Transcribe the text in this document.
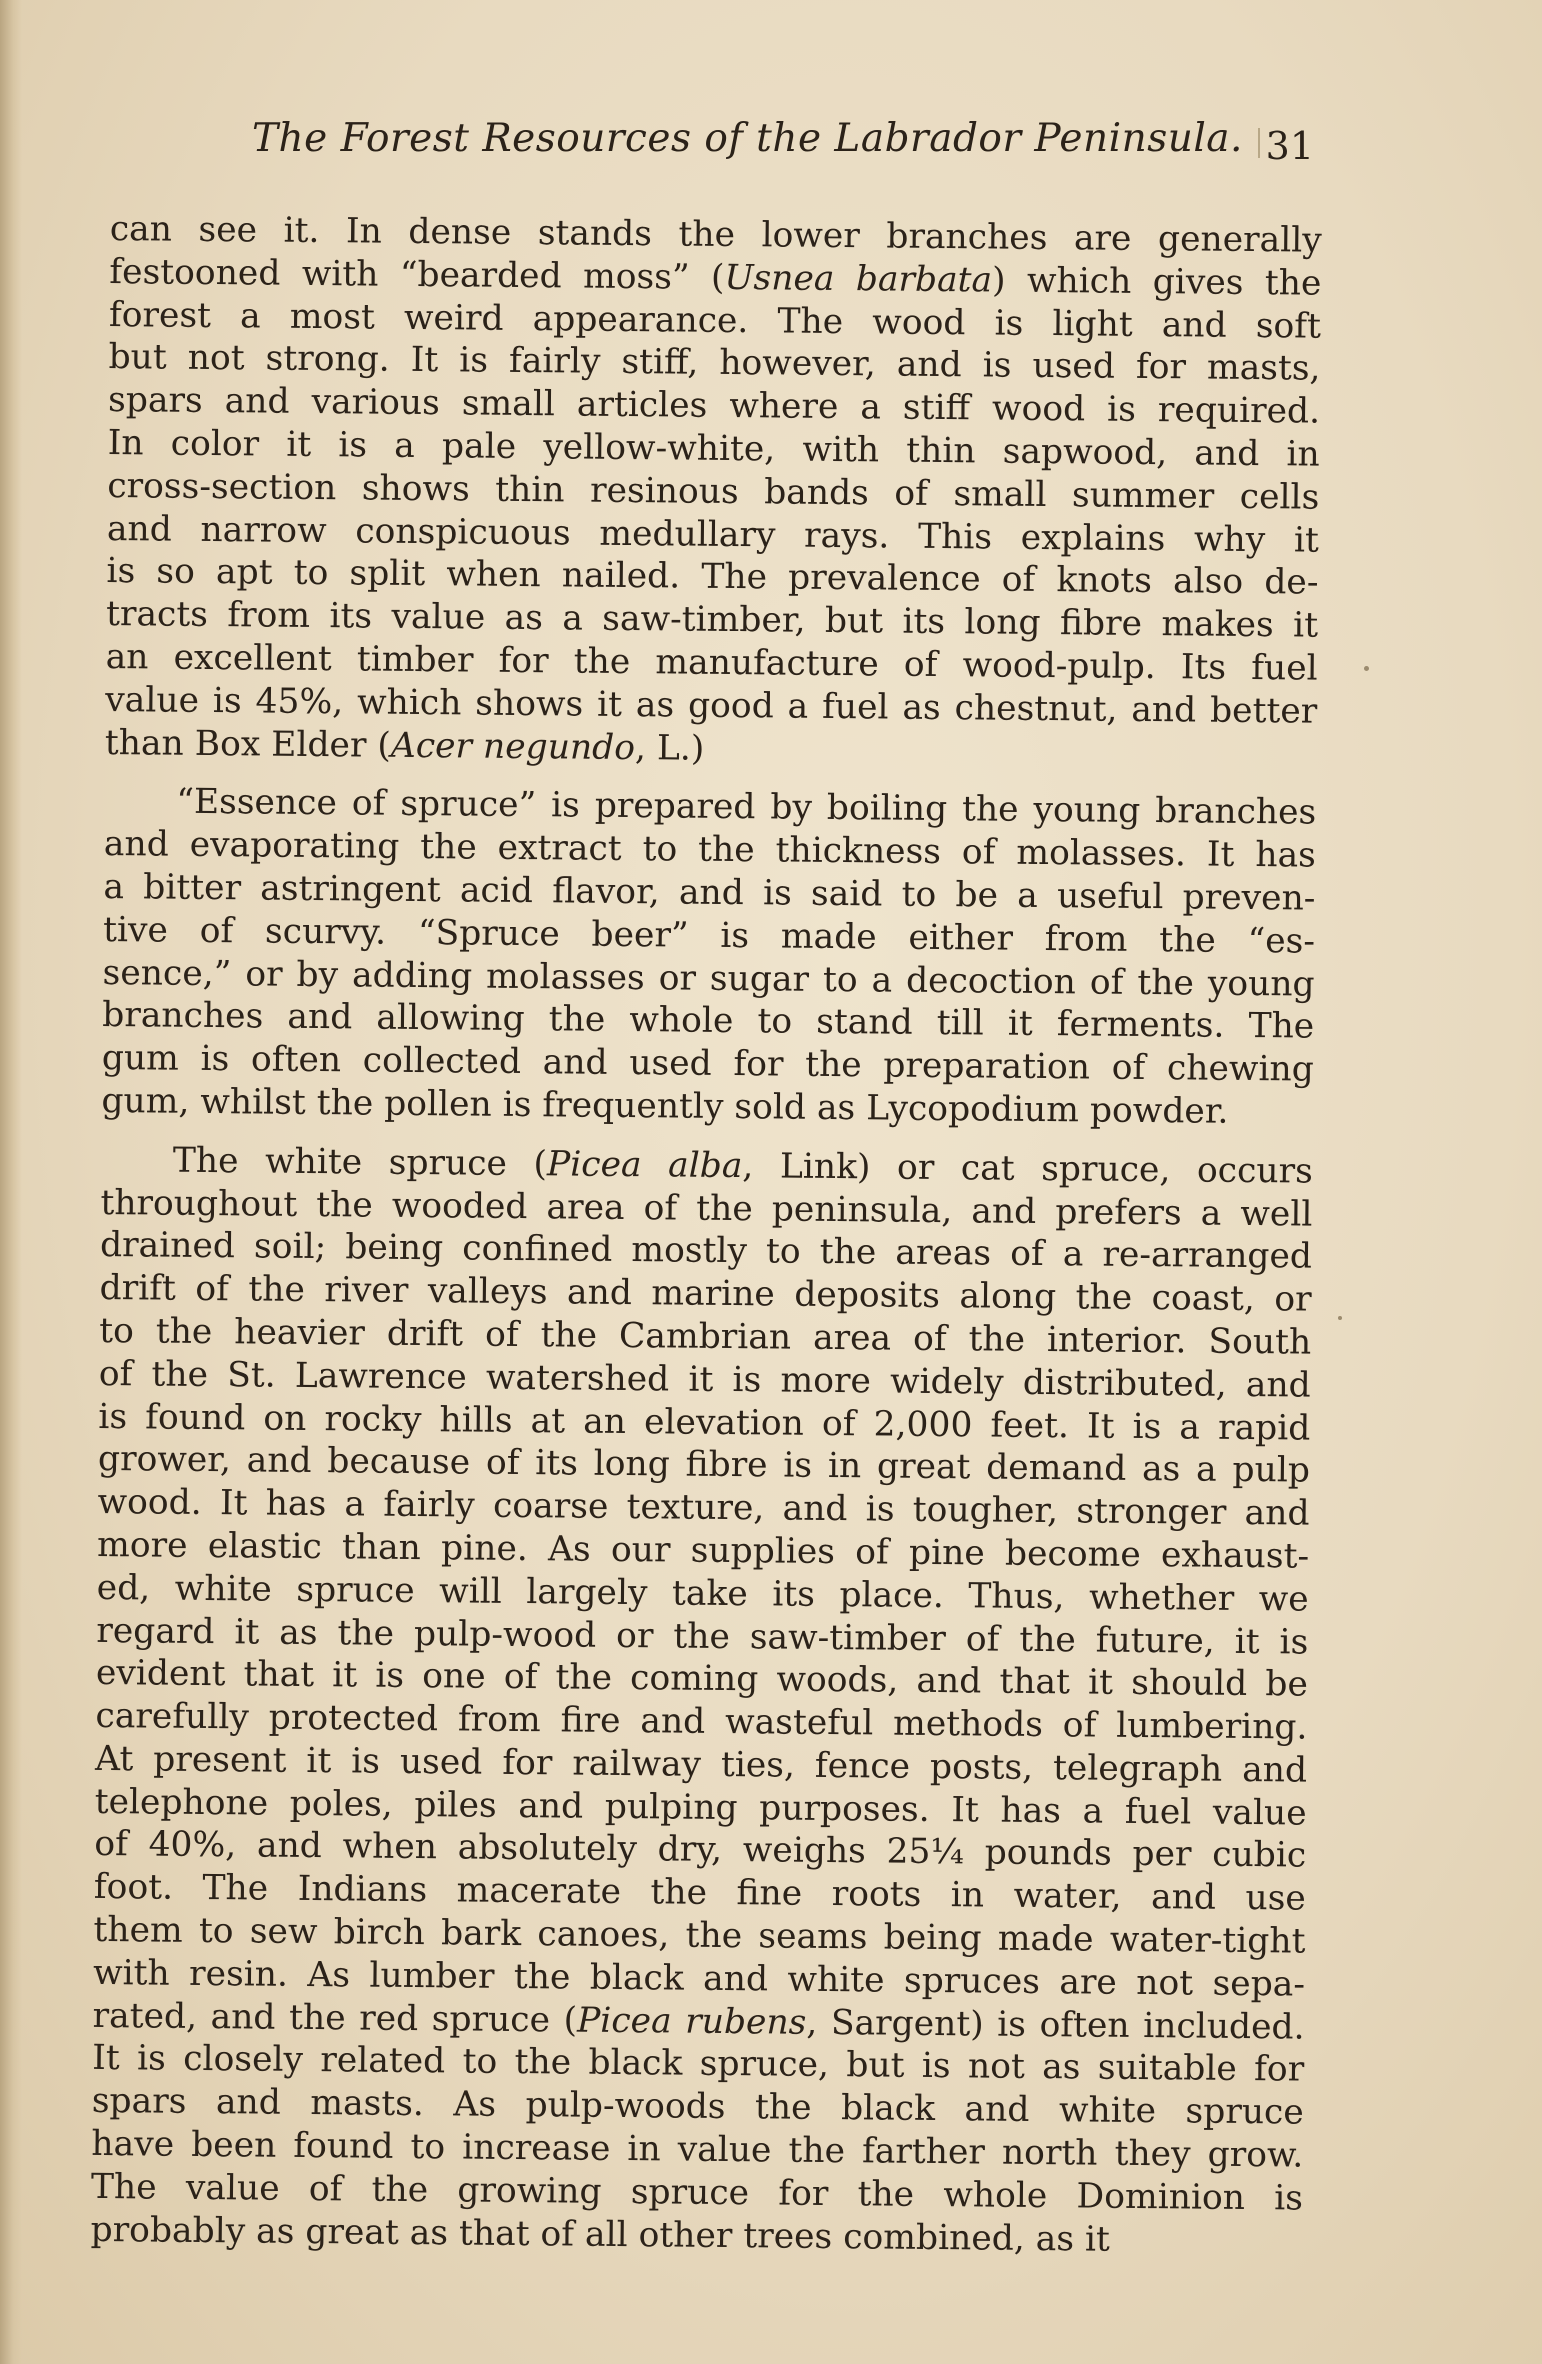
The Forest Resources of the Labrador Peninsula. 31
can see it. In dense stands the lower branches are generally
festooned with “bearded moss” (Usnea barbata) which gives the
forest a most weird appearance. The wood is light and soft
but not strong. It is fairly stiff, however, and is used for masts,
spars and various small articles where a stiff wood is required.
In color it is a pale yellow-white, with thin sapwood, and in
cross-section shows thin resinous bands of small summer cells
and narrow conspicuous medullary rays. This explains why it
is so apt to split when nailed. The prevalence of knots also de-
tracts from its value as a saw-timber, but its long fibre makes it
an excellent timber for the manufacture of wood-pulp. Its fuel
value is 45%, which shows it as good a fuel as chestnut, and better
than Box Elder (Acer negundo, L.)
“Essence of spruce” is prepared by boiling the young branches
and evaporating the extract to the thickness of molasses. It has
a bitter astringent acid flavor, and is said to be a useful preven-
tive of scurvy. “Spruce beer” is made either from the “es-
sence,” or by adding molasses or sugar to a decoction of the young
branches and allowing the whole to stand till it ferments. The
gum is often collected and used for the preparation of chewing
gum, whilst the pollen is frequently sold as Lycopodium powder.
The white spruce (Picea alba, Link) or cat spruce, occurs
throughout the wooded area of the peninsula, and prefers a well
drained soil; being confined mostly to the areas of a re-arranged
drift of the river valleys and marine deposits along the coast, or
to the heavier drift of the Cambrian area of the interior. South
of the St. Lawrence watershed it is more widely distributed, and
is found on rocky hills at an elevation of 2,000 feet. It is a rapid
grower, and because of its long fibre is in great demand as a pulp
wood. It has a fairly coarse texture, and is tougher, stronger and
more elastic than pine. As our supplies of pine become exhaust-
ed, white spruce will largely take its place. Thus, whether we
regard it as the pulp-wood or the saw-timber of the future, it is
evident that it is one of the coming woods, and that it should be
carefully protected from fire and wasteful methods of lumbering.
At present it is used for railway ties, fence posts, telegraph and
telephone poles, piles and pulping purposes. It has a fuel value
of 40%, and when absolutely dry, weighs 25¼ pounds per cubic
foot. The Indians macerate the fine roots in water, and use
them to sew birch bark canoes, the seams being made water-tight
with resin. As lumber the black and white spruces are not sepa-
rated, and the red spruce (Picea rubens, Sargent) is often included.
It is closely related to the black spruce, but is not as suitable for
spars and masts. As pulp-woods the black and white spruce
have been found to increase in value the farther north they grow.
The value of the growing spruce for the whole Dominion is
probably as great as that of all other trees combined, as it
